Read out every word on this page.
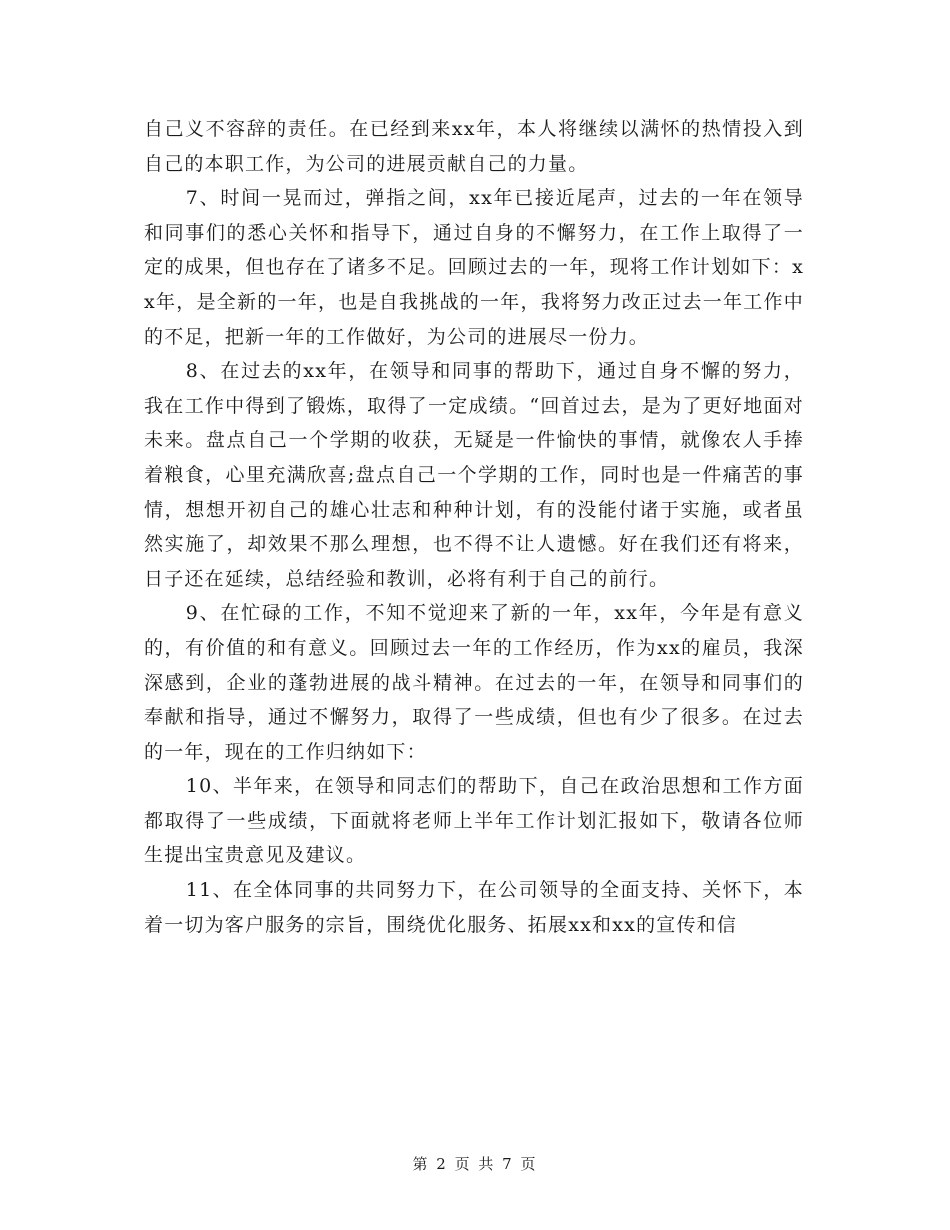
自己义不容辞的责任。在已经到来xx年，本人将继续以满怀的热情投入到自己的本职工作，为公司的进展贡献自己的力量。

7、时间一晃而过，弹指之间，xx年已接近尾声，过去的一年在领导和同事们的悉心关怀和指导下，通过自身的不懈努力，在工作上取得了一定的成果，但也存在了诸多不足。回顾过去的一年，现将工作计划如下：xx年，是全新的一年，也是自我挑战的一年，我将努力改正过去一年工作中的不足，把新一年的工作做好，为公司的进展尽一份力。

8、在过去的xx年，在领导和同事的帮助下，通过自身不懈的努力，我在工作中得到了锻炼，取得了一定成绩。“回首过去，是为了更好地面对未来。盘点自己一个学期的收获，无疑是一件愉快的事情，就像农人手捧着粮食，心里充满欣喜;盘点自己一个学期的工作，同时也是一件痛苦的事情，想想开初自己的雄心壮志和种种计划，有的没能付诸于实施，或者虽然实施了，却效果不那么理想，也不得不让人遗憾。好在我们还有将来，日子还在延续，总结经验和教训，必将有利于自己的前行。

9、在忙碌的工作，不知不觉迎来了新的一年，xx年，今年是有意义的，有价值的和有意义。回顾过去一年的工作经历，作为xx的雇员，我深深感到，企业的蓬勃进展的战斗精神。在过去的一年，在领导和同事们的奉献和指导，通过不懈努力，取得了一些成绩，但也有少了很多。在过去的一年，现在的工作归纳如下：

10、半年来，在领导和同志们的帮助下，自己在政治思想和工作方面都取得了一些成绩，下面就将老师上半年工作计划汇报如下，敬请各位师生提出宝贵意见及建议。

11、在全体同事的共同努力下，在公司领导的全面支持、关怀下，本着一切为客户服务的宗旨，围绕优化服务、拓展xx和xx的宣传和信

第 2 页 共 7 页
